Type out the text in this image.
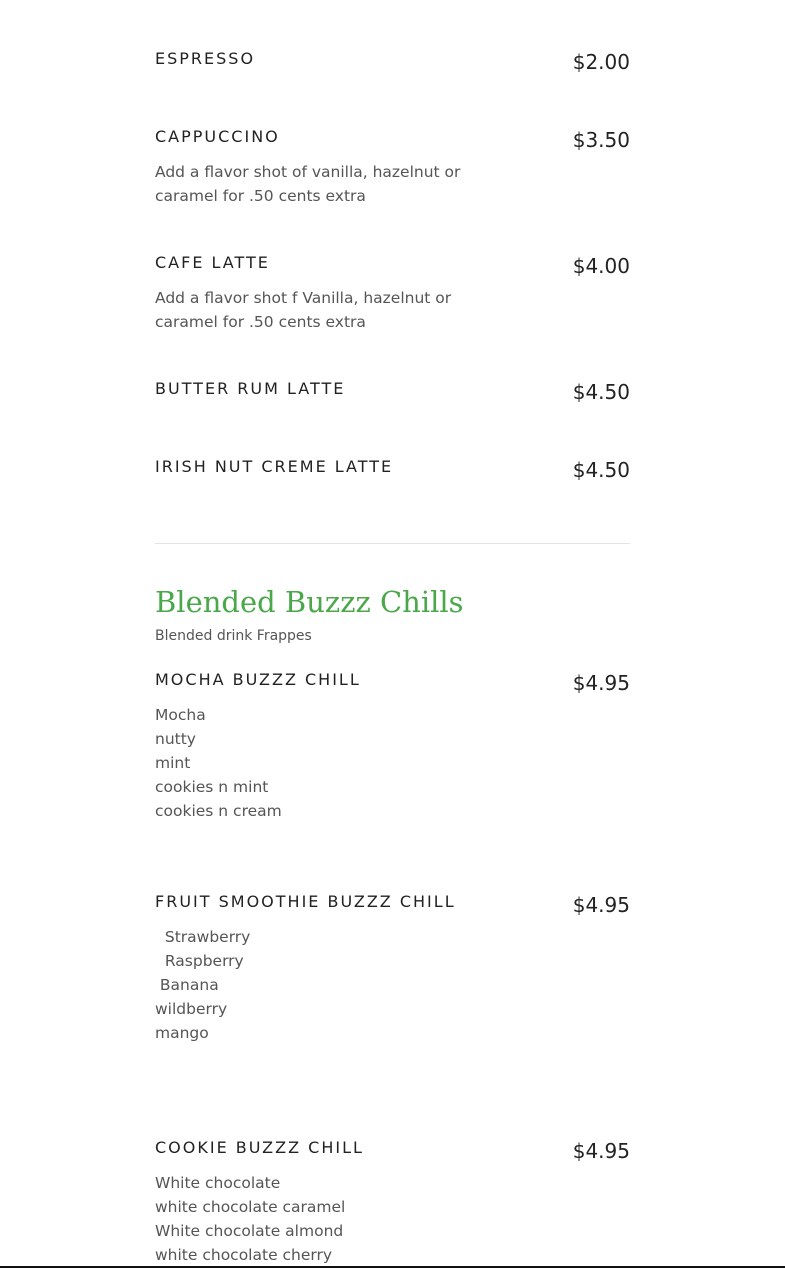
ESPRESSO	$2.00
CAPPUCCINO	$3.50
Add a flavor shot of vanilla, hazelnut or
caramel for .50 cents extra
CAFE LATTE	$4.00
Add a flavor shot f Vanilla, hazelnut or
caramel for .50 cents extra
BUTTER RUM LATTE	$4.50
IRISH NUT CREME LATTE	$4.50
Blended Buzzz Chills
Blended drink Frappes
MOCHA BUZZZ CHILL	$4.95
Mocha
nutty
mint
cookies n mint
cookies n cream
FRUIT SMOOTHIE BUZZZ CHILL	$4.95
Strawberry
Raspberry
Banana
wildberry
mango
COOKIE BUZZZ CHILL	$4.95
White chocolate
white chocolate caramel
White chocolate almond
white chocolate cherry
